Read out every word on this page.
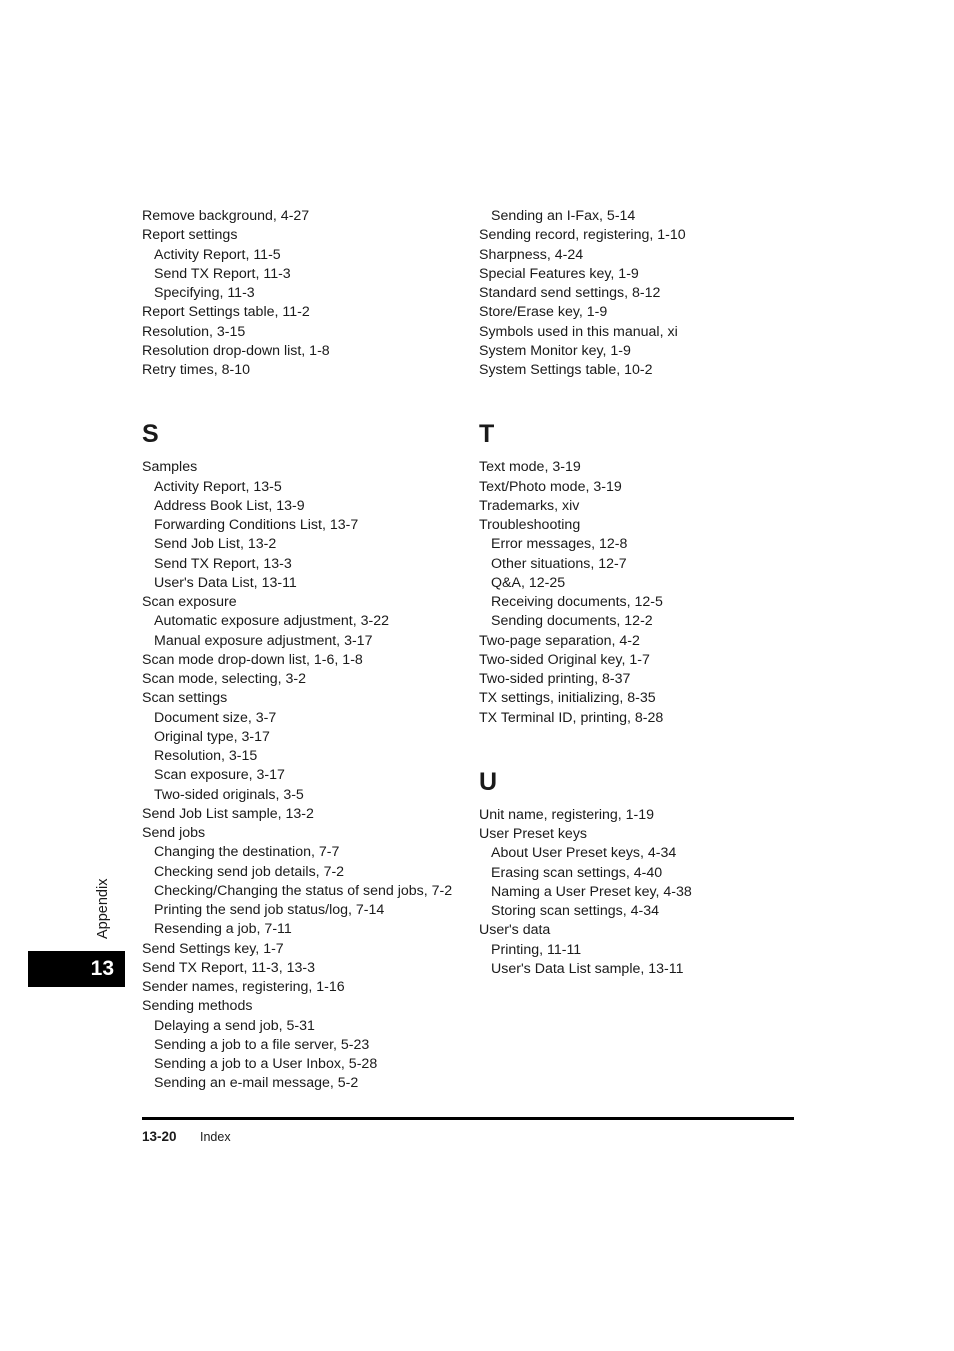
Remove background, 4-27
Report settings
Activity Report, 11-5
Send TX Report, 11-3
Specifying, 11-3
Report Settings table, 11-2
Resolution, 3-15
Resolution drop-down list, 1-8
Retry times, 8-10
S
Samples
Activity Report, 13-5
Address Book List, 13-9
Forwarding Conditions List, 13-7
Send Job List, 13-2
Send TX Report, 13-3
User's Data List, 13-11
Scan exposure
Automatic exposure adjustment, 3-22
Manual exposure adjustment, 3-17
Scan mode drop-down list, 1-6, 1-8
Scan mode, selecting, 3-2
Scan settings
Document size, 3-7
Original type, 3-17
Resolution, 3-15
Scan exposure, 3-17
Two-sided originals, 3-5
Send Job List sample, 13-2
Send jobs
Changing the destination, 7-7
Checking send job details, 7-2
Checking/Changing the status of send jobs, 7-2
Printing the send job status/log, 7-14
Resending a job, 7-11
Send Settings key, 1-7
Send TX Report, 11-3, 13-3
Sender names, registering, 1-16
Sending methods
Delaying a send job, 5-31
Sending a job to a file server, 5-23
Sending a job to a User Inbox, 5-28
Sending an e-mail message, 5-2
Sending an I-Fax, 5-14
Sending record, registering, 1-10
Sharpness, 4-24
Special Features key, 1-9
Standard send settings, 8-12
Store/Erase key, 1-9
Symbols used in this manual, xi
System Monitor key, 1-9
System Settings table, 10-2
T
Text mode, 3-19
Text/Photo mode, 3-19
Trademarks, xiv
Troubleshooting
Error messages, 12-8
Other situations, 12-7
Q&A, 12-25
Receiving documents, 12-5
Sending documents, 12-2
Two-page separation, 4-2
Two-sided Original key, 1-7
Two-sided printing, 8-37
TX settings, initializing, 8-35
TX Terminal ID, printing, 8-28
U
Unit name, registering, 1-19
User Preset keys
About User Preset keys, 4-34
Erasing scan settings, 4-40
Naming a User Preset key, 4-38
Storing scan settings, 4-34
User's data
Printing, 11-11
User's Data List sample, 13-11
Appendix
13
13-20 Index
